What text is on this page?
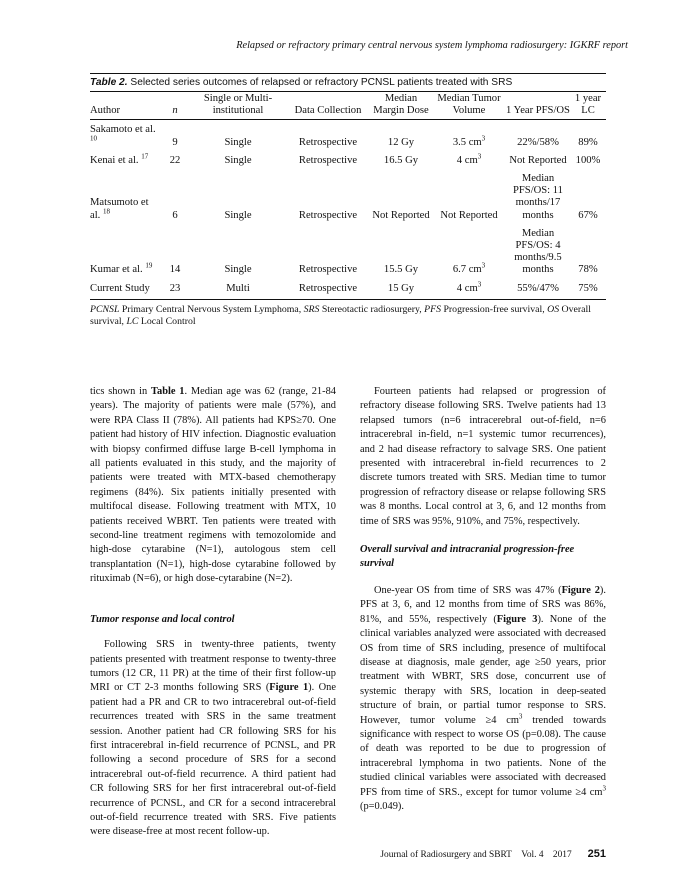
Relapsed or refractory primary central nervous system lymphoma radiosurgery: IGKRF report
Table 2. Selected series outcomes of relapsed or refractory PCNSL patients treated with SRS
Author	n	Single or Multi-institutional	Data Collection	Median Margin Dose	Median Tumor Volume	1 Year PFS/OS	1 year LC
Sakamoto et al. $^{10}$	9	Single	Retrospective	12 Gy	3.5 $cm^3$	22%/58%	89%
Kenai et al. $^{17}$	22	Single	Retrospective	16.5 Gy	4 $cm^3$	Not Reported	100%
Matsumoto et al. $^{18}$	6	Single	Retrospective	Not Reported	Not Reported	Median PFS/OS: 11 months/17 months	67%
Kumar et al. $^{19}$	14	Single	Retrospective	15.5 Gy	6.7 $cm^3$	Median PFS/OS: 4 months/9.5 months	78%
Current Study	23	Multi	Retrospective	15 Gy	4 $cm^3$	55%/47%	75%
PCNSL Primary Central Nervous System Lymphoma, SRS Stereotactic radiosurgery, PFS Progression-free survival, OS Overall survival, LC Local Control

tics shown in Table 1. Median age was 62 (range, 21-84 years). The majority of patients were male (57%), and were RPA Class II (78%). All patients had KPS≥70. One patient had history of HIV infection. Diagnostic evaluation with biopsy confirmed diffuse large B-cell lymphoma in all patients evaluated in this study, and the majority of patients were treated with MTX-based chemotherapy regimens (84%). Six patients initially presented with multifocal disease. Following treatment with MTX, 10 patients received WBRT. Ten patients were treated with second-line treatment regimens with temozolomide and high-dose cytarabine (N=1), autologous stem cell transplantation (N=1), high-dose cytarabine followed by rituximab (N=6), or high dose-cytarabine (N=2).

Tumor response and local control

Following SRS in twenty-three patients, twenty patients presented with treatment response to twenty-three tumors (12 CR, 11 PR) at the time of their first follow-up MRI or CT 2-3 months following SRS (Figure 1). One patient had a PR and CR to two intracerebral out-of-field recurrences treated with SRS in the same treatment session. Another patient had CR following SRS for his first intracerebral in-field recurrence of PCNSL, and PR following a second procedure of SRS for a second intracerebral out-of-field recurrence. A third patient had CR following SRS for her first intracerebral out-of-field recurrence of PCNSL, and CR for a second intracerebral out-of-field recurrence treated with SRS. Five patients were disease-free at most recent follow-up.

Fourteen patients had relapsed or progression of refractory disease following SRS. Twelve patients had 13 relapsed tumors (n=6 intracerebral out-of-field, n=6 intracerebral in-field, n=1 systemic tumor recurrences), and 2 had disease refractory to salvage SRS. One patient presented with intracerebral in-field recurrences to 2 discrete tumors treated with SRS. Median time to tumor progression of refractory disease or relapse following SRS was 8 months. Local control at 3, 6, and 12 months from time of SRS was 95%, 910%, and 75%, respectively.

Overall survival and intracranial progression-free survival

One-year OS from time of SRS was 47% (Figure 2). PFS at 3, 6, and 12 months from time of SRS was 86%, 81%, and 55%, respectively (Figure 3). None of the clinical variables analyzed were associated with decreased OS from time of SRS including, presence of multifocal disease at diagnosis, male gender, age ≥50 years, prior treatment with WBRT, SRS dose, concurrent use of systemic therapy with SRS, location in deep-seated structure of brain, or partial tumor response to SRS. However, tumor volume ≥4 $cm^3$ trended towards significance with respect to worse OS (p=0.08). The cause of death was reported to be due to progression of intracerebral lymphoma in two patients. None of the studied clinical variables were associated with decreased PFS from time of SRS., except for tumor volume ≥4 $cm^3$ (p=0.049).

Journal of Radiosurgery and SBRT Vol. 4 2017 251
